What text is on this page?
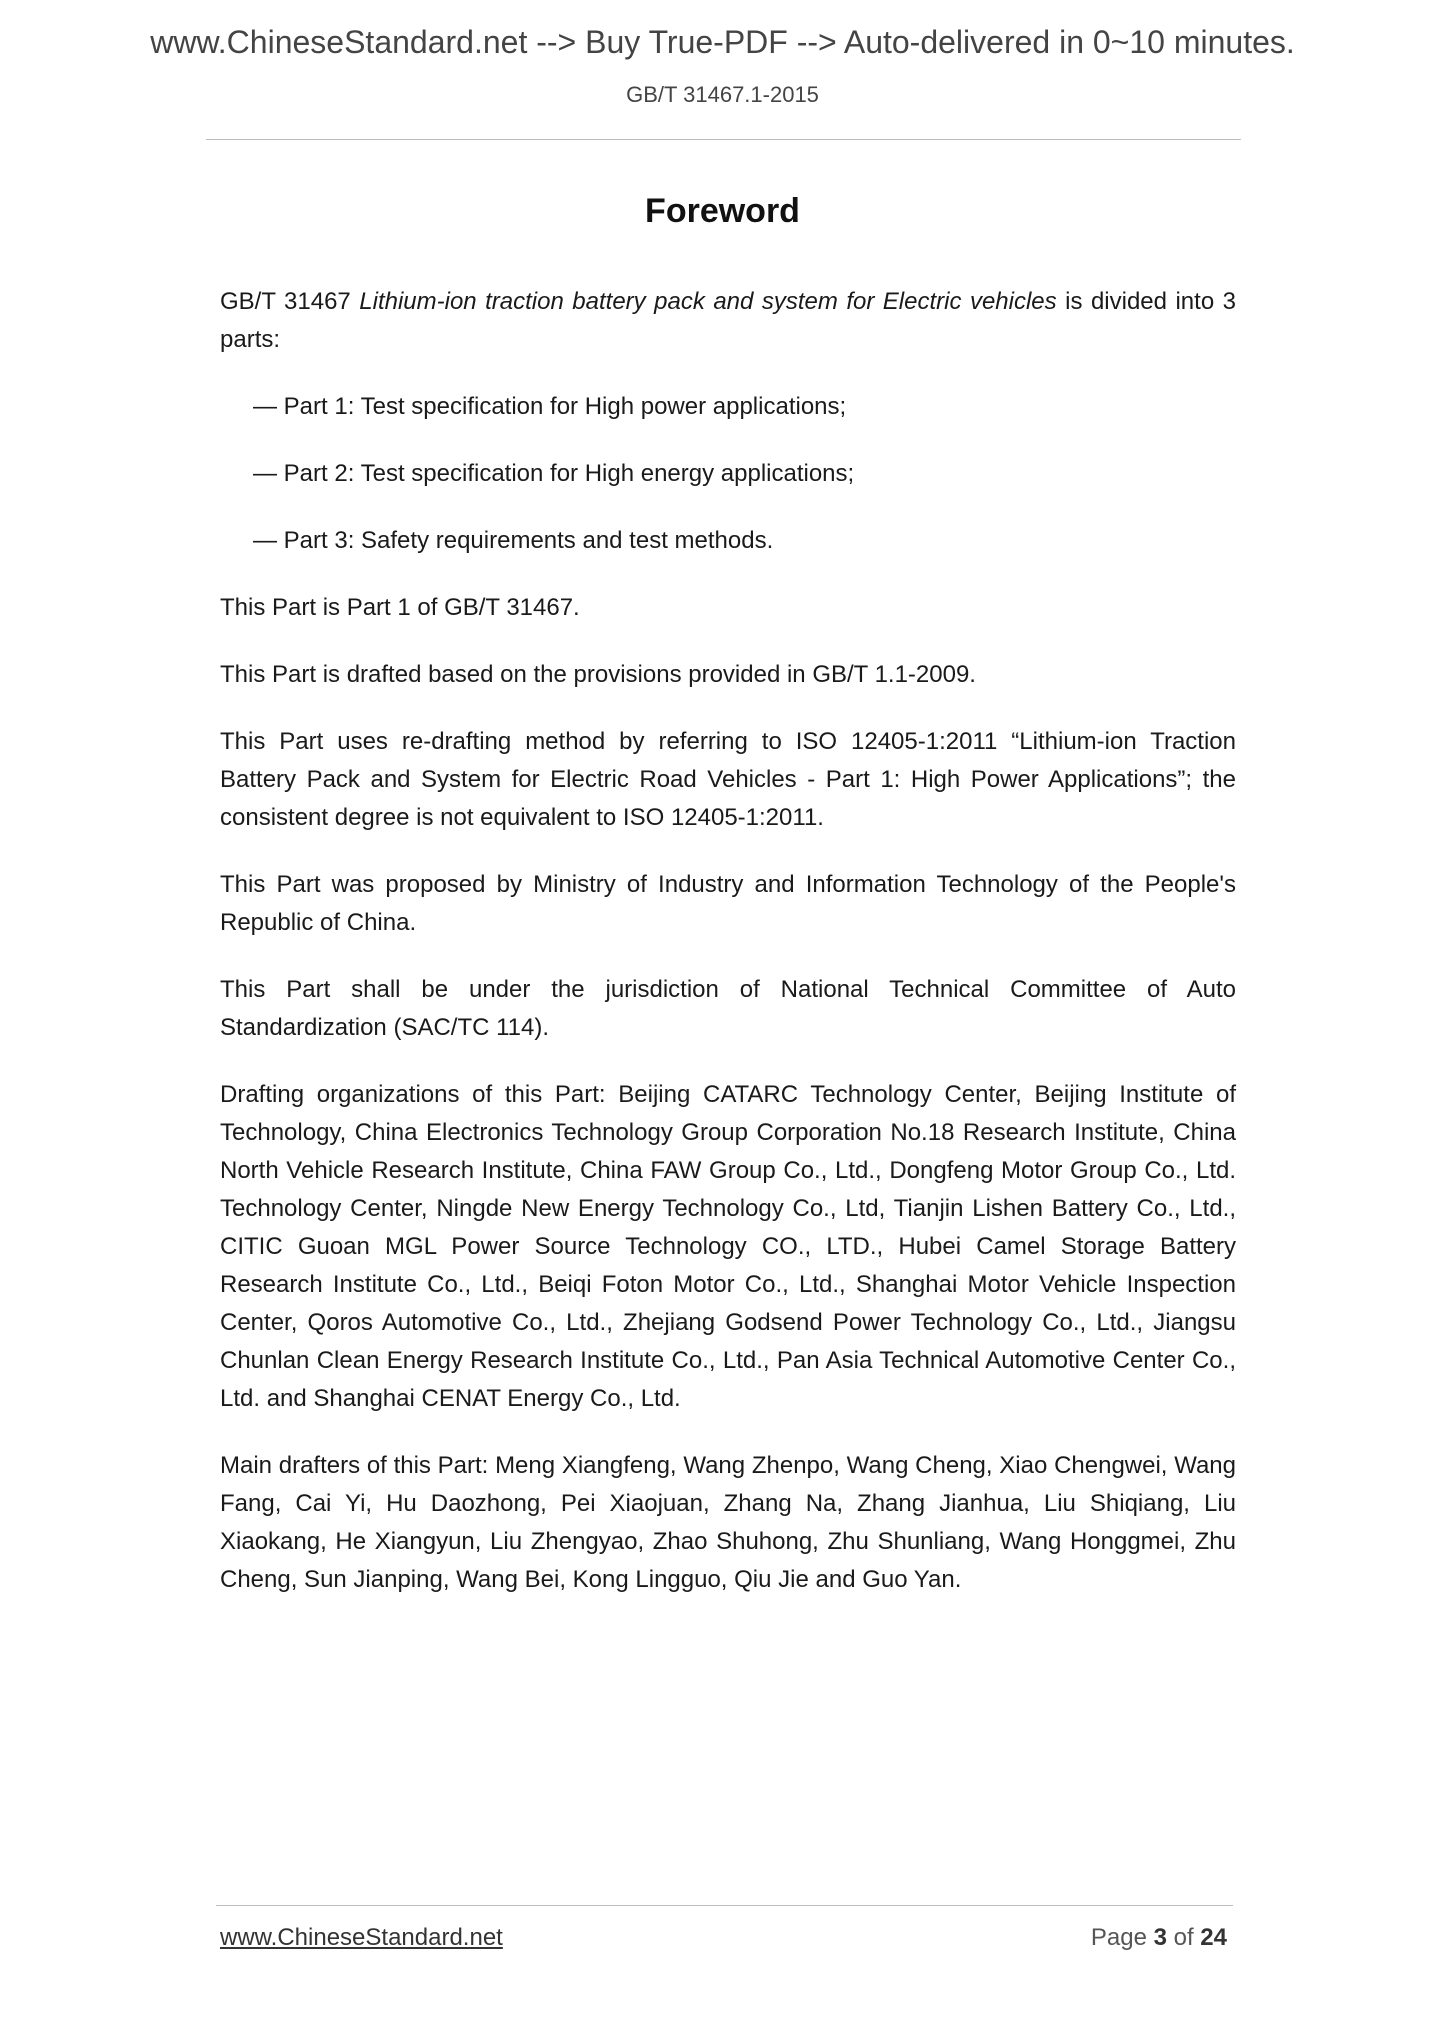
www.ChineseStandard.net --> Buy True-PDF --> Auto-delivered in 0~10 minutes.
GB/T 31467.1-2015
Foreword

GB/T 31467 Lithium-ion traction battery pack and system for Electric vehicles is divided into 3 parts:

— Part 1: Test specification for High power applications;

— Part 2: Test specification for High energy applications;

— Part 3: Safety requirements and test methods.

This Part is Part 1 of GB/T 31467.

This Part is drafted based on the provisions provided in GB/T 1.1-2009.

This Part uses re-drafting method by referring to ISO 12405-1:2011 “Lithium-ion Traction Battery Pack and System for Electric Road Vehicles - Part 1: High Power Applications”; the consistent degree is not equivalent to ISO 12405-1:2011.

This Part was proposed by Ministry of Industry and Information Technology of the People's Republic of China.

This Part shall be under the jurisdiction of National Technical Committee of Auto Standardization (SAC/TC 114).

Drafting organizations of this Part: Beijing CATARC Technology Center, Beijing Institute of Technology, China Electronics Technology Group Corporation No.18 Research Institute, China North Vehicle Research Institute, China FAW Group Co., Ltd., Dongfeng Motor Group Co., Ltd. Technology Center, Ningde New Energy Technology Co., Ltd, Tianjin Lishen Battery Co., Ltd., CITIC Guoan MGL Power Source Technology CO., LTD., Hubei Camel Storage Battery Research Institute Co., Ltd., Beiqi Foton Motor Co., Ltd., Shanghai Motor Vehicle Inspection Center, Qoros Automotive Co., Ltd., Zhejiang Godsend Power Technology Co., Ltd., Jiangsu Chunlan Clean Energy Research Institute Co., Ltd., Pan Asia Technical Automotive Center Co., Ltd. and Shanghai CENAT Energy Co., Ltd.

Main drafters of this Part: Meng Xiangfeng, Wang Zhenpo, Wang Cheng, Xiao Chengwei, Wang Fang, Cai Yi, Hu Daozhong, Pei Xiaojuan, Zhang Na, Zhang Jianhua, Liu Shiqiang, Liu Xiaokang, He Xiangyun, Liu Zhengyao, Zhao Shuhong, Zhu Shunliang, Wang Honggmei, Zhu Cheng, Sun Jianping, Wang Bei, Kong Lingguo, Qiu Jie and Guo Yan.

www.ChineseStandard.net	Page 3 of 24
